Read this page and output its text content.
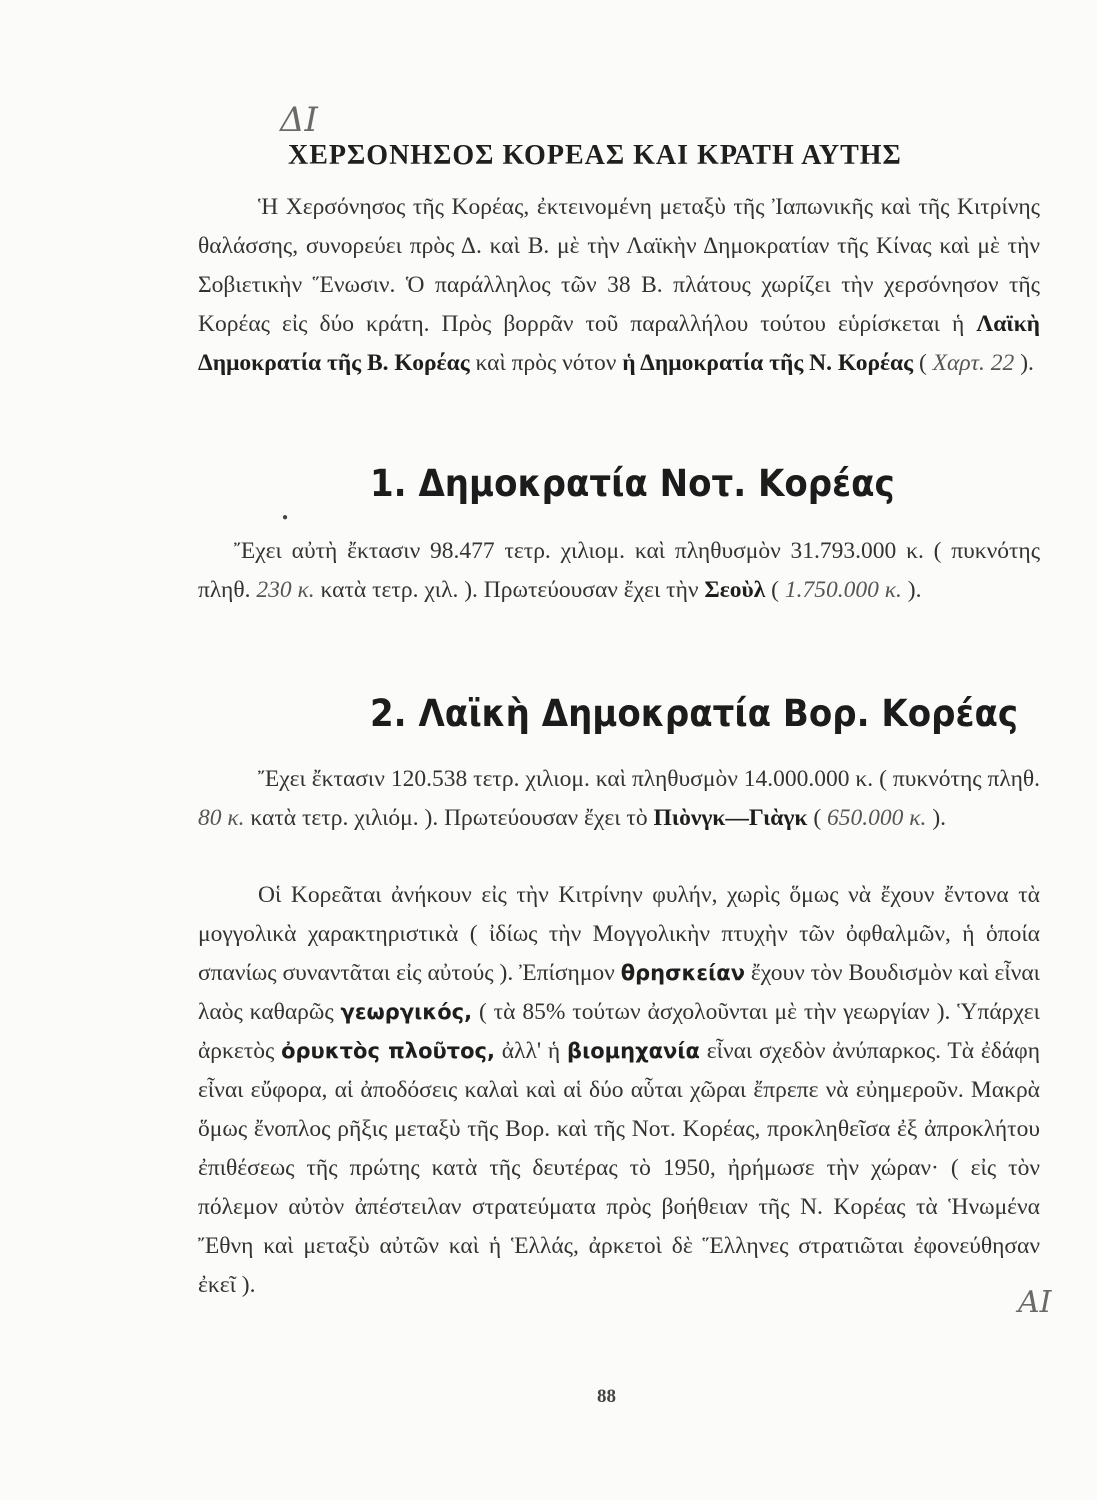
ΔΙ
ΧΕΡΣΟΝΗΣΟΣ ΚΟΡΕΑΣ ΚΑΙ ΚΡΑΤΗ ΑΥΤΗΣ
Ἡ Χερσόνησος τῆς Κορέας, ἐκτεινομένη μεταξὺ τῆς Ἰαπωνικῆς καὶ τῆς Κιτρίνης θαλάσσης, συνορεύει πρὸς Δ. καὶ Β. μὲ τὴν Λαϊκὴν Δημοκρατίαν τῆς Κίνας καὶ μὲ τὴν Σοβιετικὴν Ἕνωσιν. Ὁ παράλληλος τῶν 38 Β. πλάτους χωρίζει τὴν χερσόνησον τῆς Κορέας εἰς δύο κράτη. Πρὸς βορρᾶν τοῦ παραλλήλου τούτου εὑρίσκεται ἡ Λαϊκὴ Δημοκρατία τῆς Β. Κορέας καὶ πρὸς νότον ἡ Δημοκρατία τῆς Ν. Κορέας ( Χαρτ. 22 ).
1. Δημοκρατία Νοτ. Κορέας
●
Ἔχει αὐτὴ ἔκτασιν 98.477 τετρ. χιλιομ. καὶ πληθυσμὸν 31.793.000 κ. ( πυκνότης πληθ. 230 κ. κατὰ τετρ. χιλ. ). Πρωτεύουσαν ἔχει τὴν Σεοὺλ ( 1.750.000 κ. ).
2. Λαϊκὴ Δημοκρατία Βορ. Κορέας
Ἔχει ἔκτασιν 120.538 τετρ. χιλιομ. καὶ πληθυσμὸν 14.000.000 κ. ( πυκνότης πληθ. 80 κ. κατὰ τετρ. χιλιόμ. ). Πρωτεύουσαν ἔχει τὸ Πιὸνγκ—Γιὰγκ ( 650.000 κ. ).
Οἱ Κορεᾶται ἀνήκουν εἰς τὴν Κιτρίνην φυλήν, χωρὶς ὅμως νὰ ἔχουν ἔντονα τὰ μογγολικὰ χαρακτηριστικὰ ( ἰδίως τὴν Μογγολικὴν πτυχὴν τῶν ὀφθαλμῶν, ἡ ὁποία σπανίως συναντᾶται εἰς αὐτούς ). Ἐπίσημον θρησκείαν ἔχουν τὸν Βουδισμὸν καὶ εἶναι λαὸς καθαρῶς γεωργικός, ( τὰ 85% τούτων ἀσχολοῦνται μὲ τὴν γεωργίαν ). Ὑπάρχει ἀρκετὸς ὀρυκτὸς πλοῦτος, ἀλλ' ἡ βιομηχανία εἶναι σχεδὸν ἀνύπαρκος. Τὰ ἐδάφη εἶναι εὔφορα, αἱ ἀποδόσεις καλαὶ καὶ αἱ δύο αὗται χῶραι ἔπρεπε νὰ εὐημεροῦν. Μακρὰ ὅμως ἔνοπλος ρῆξις μεταξὺ τῆς Βορ. καὶ τῆς Νοτ. Κορέας, προκληθεῖσα ἐξ ἀπροκλήτου ἐπιθέσεως τῆς πρώτης κατὰ τῆς δευτέρας τὸ 1950, ἠρήμωσε τὴν χώραν· ( εἰς τὸν πόλεμον αὐτὸν ἀπέστειλαν στρατεύματα πρὸς βοήθειαν τῆς Ν. Κορέας τὰ Ἡνωμένα Ἔθνη καὶ μεταξὺ αὐτῶν καὶ ἡ Ἑλλάς, ἀρκετοὶ δὲ Ἕλληνες στρατιῶται ἐφονεύθησαν ἐκεῖ ).	ΑΙ
88
